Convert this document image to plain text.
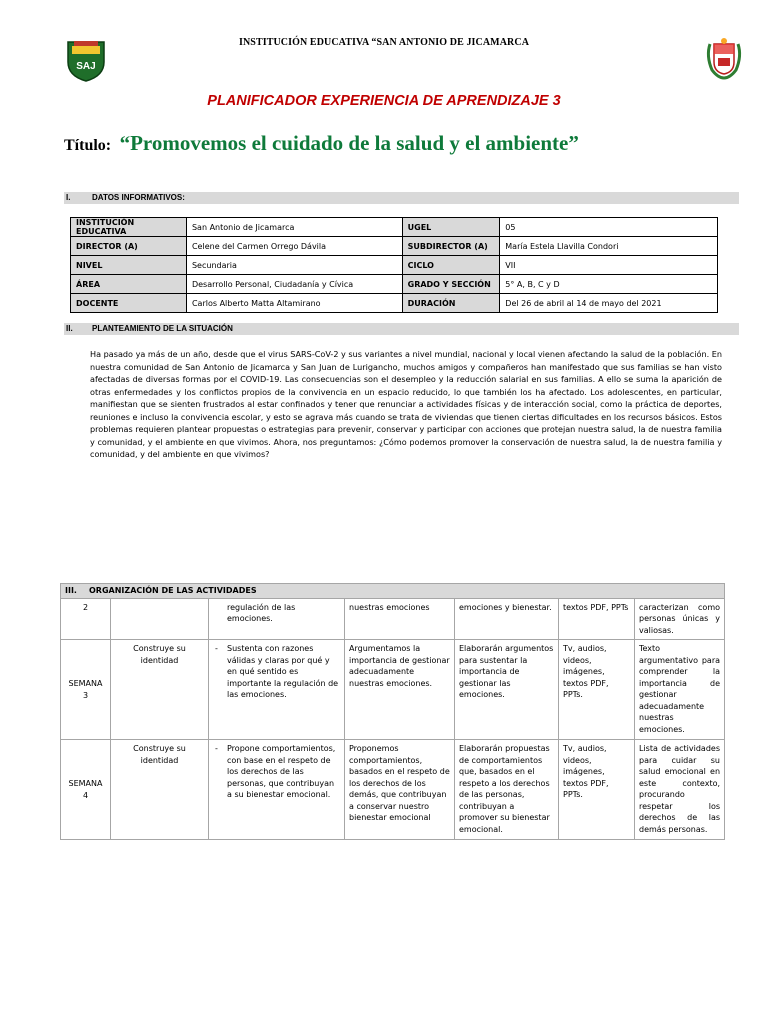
SAJ
INSTITUCIÓN EDUCATIVA “SAN ANTONIO DE JICAMARCA
PLANIFICADOR EXPERIENCIA DE APRENDIZAJE 3
Título: “Promovemos el cuidado de la salud y el ambiente”
I.	DATOS INFORMATIVOS:
INSTITUCIÓN EDUCATIVA	San Antonio de Jicamarca	UGEL	05
DIRECTOR (A)	Celene del Carmen Orrego Dávila	SUBDIRECTOR (A)	María Estela Llavilla Condori
NIVEL	Secundaria	CICLO	VII
ÁREA	Desarrollo Personal, Ciudadanía y Cívica	GRADO Y SECCIÓN	5° A, B, C y D
DOCENTE	Carlos Alberto Matta Altamirano	DURACIÓN	Del 26 de abril al 14 de mayo del 2021
II. PLANTEAMIENTO DE LA SITUACIÓN
Ha pasado ya más de un año, desde que el virus SARS-CoV-2 y sus variantes a nivel mundial, nacional y local vienen afectando la salud de la población. En nuestra comunidad de San Antonio de Jicamarca y San Juan de Lurigancho, muchos amigos y compañeros han manifestado que sus familias se han visto afectadas de diversas formas por el COVID-19. Las consecuencias son el desempleo y la reducción salarial en sus familias. A ello se suma la aparición de otras enfermedades y los conflictos propios de la convivencia en un espacio reducido, lo que también los ha afectado. Los adolescentes, en particular, manifiestan que se sienten frustrados al estar confinados y tener que renunciar a actividades físicas y de interacción social, como la práctica de deportes, reuniones e incluso la convivencia escolar, y esto se agrava más cuando se trata de viviendas que tienen ciertas dificultades en los recursos básicos. Estos problemas requieren plantear propuestas o estrategias para prevenir, conservar y participar con acciones que protejan nuestra salud, la de nuestra familia y comunidad, y el ambiente en que vivimos. Ahora, nos preguntamos: ¿Cómo podemos promover la conservación de nuestra salud, la de nuestra familia y comunidad, y del ambiente en que vivimos?
III. ORGANIZACIÓN DE LAS ACTIVIDADES						
2		regulación de las emociones.	nuestras emociones	emociones y bienestar.	textos PDF, PPTs	caracterizan como personas únicas y valiosas.
SEMANA 3	Construye su identidad	- Sustenta con razones válidas y claras por qué y en qué sentido es importante la regulación de las emociones.	Argumentamos la importancia de gestionar adecuadamente nuestras emociones.	Elaborarán argumentos para sustentar la importancia de gestionar las emociones.	Tv, audios, videos, imágenes, textos PDF, PPTs.	Texto argumentativo para comprender la importancia de gestionar adecuadamente nuestras emociones.
SEMANA 4	Construye su identidad	- Propone comportamientos, con base en el respeto de los derechos de las personas, que contribuyan a su bienestar emocional.	Proponemos comportamientos, basados en el respeto de los derechos de los demás, que contribuyan a conservar nuestro bienestar emocional	Elaborarán propuestas de comportamientos que, basados en el respeto a los derechos de las personas, contribuyan a promover su bienestar emocional.	Tv, audios, videos, imágenes, textos PDF, PPTs.	Lista de actividades para cuidar su salud emocional en este contexto, procurando respetar los derechos de las demás personas.
